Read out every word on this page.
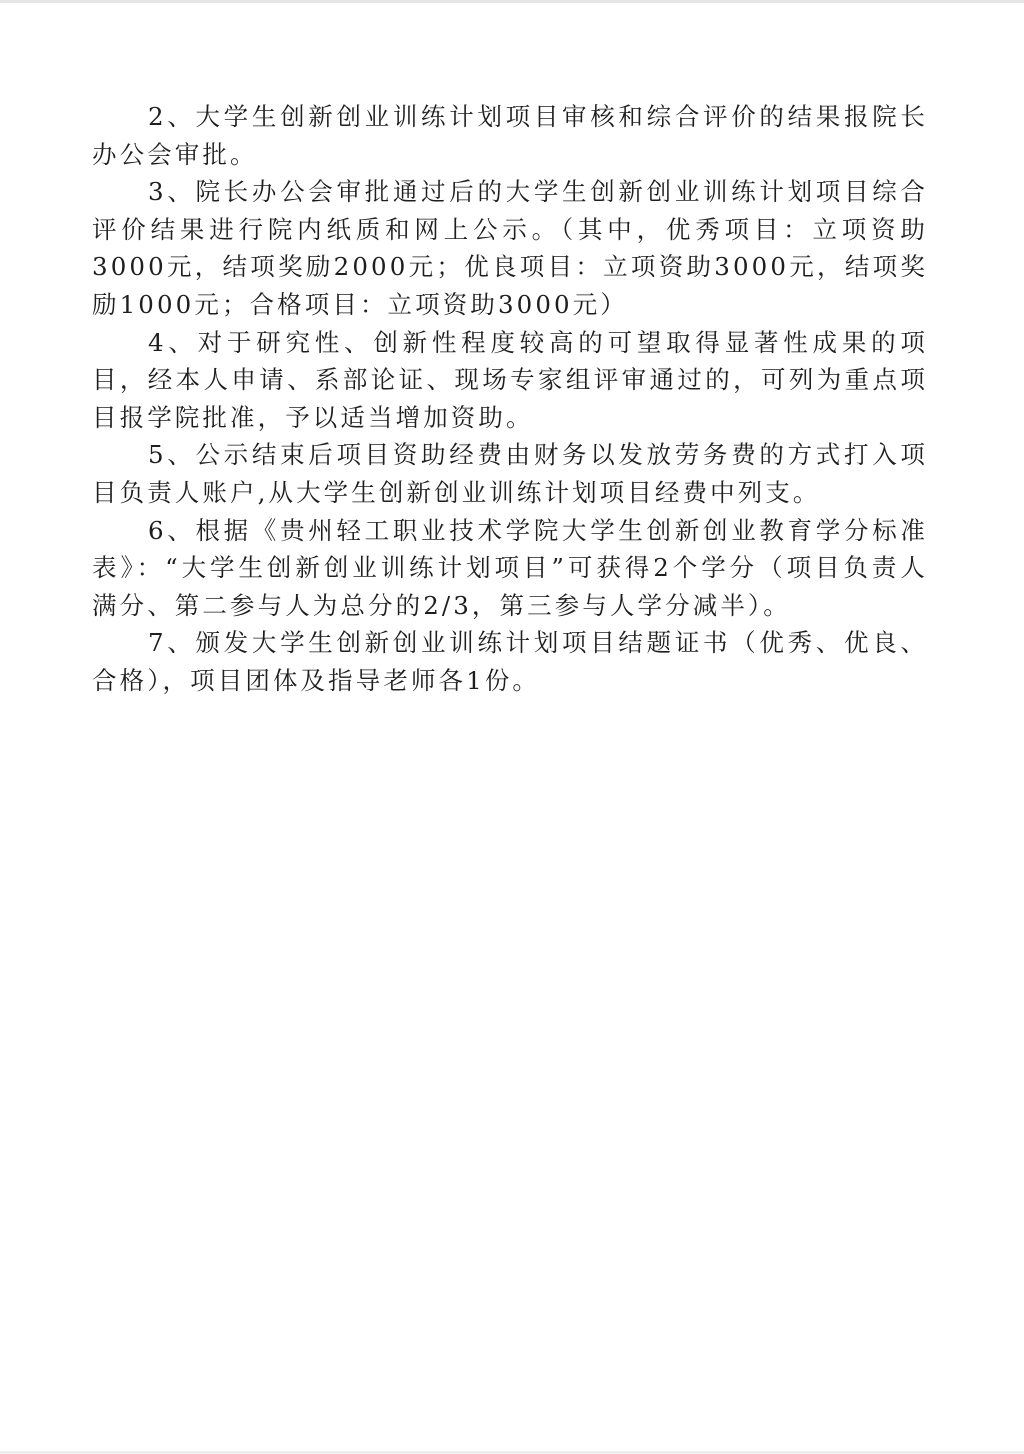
2、大学生创新创业训练计划项目审核和综合评价的结果报院长办公会审批。

3、院长办公会审批通过后的大学生创新创业训练计划项目综合评价结果进行院内纸质和网上公示。（其中，优秀项目：立项资助3000元，结项奖励2000元；优良项目：立项资助3000元，结项奖励1000元；合格项目：立项资助3000元）

4、对于研究性、创新性程度较高的可望取得显著性成果的项目，经本人申请、系部论证、现场专家组评审通过的，可列为重点项目报学院批准，予以适当增加资助。

5、公示结束后项目资助经费由财务以发放劳务费的方式打入项目负责人账户,从大学生创新创业训练计划项目经费中列支。

6、根据《贵州轻工职业技术学院大学生创新创业教育学分标准表》：“大学生创新创业训练计划项目”可获得2个学分（项目负责人满分、第二参与人为总分的2/3，第三参与人学分减半）。

7、颁发大学生创新创业训练计划项目结题证书（优秀、优良、合格），项目团体及指导老师各1份。
